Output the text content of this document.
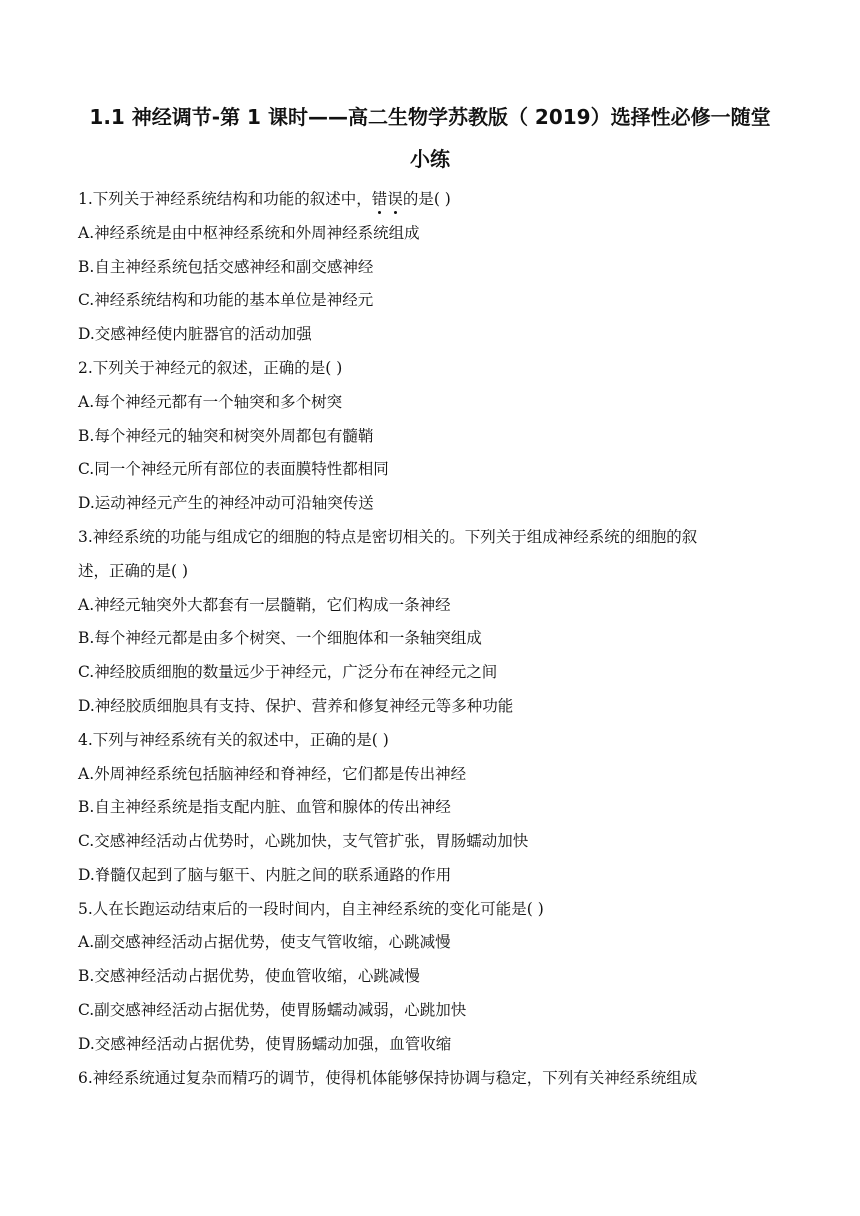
1.1 神经调节-第 1 课时——高二生物学苏教版（ 2019）选择性必修一随堂
小练
1.下列关于神经系统结构和功能的叙述中，错误的是( )
A.神经系统是由中枢神经系统和外周神经系统组成
B.自主神经系统包括交感神经和副交感神经
C.神经系统结构和功能的基本单位是神经元
D.交感神经使内脏器官的活动加强
2.下列关于神经元的叙述，正确的是( )
A.每个神经元都有一个轴突和多个树突
B.每个神经元的轴突和树突外周都包有髓鞘
C.同一个神经元所有部位的表面膜特性都相同
D.运动神经元产生的神经冲动可沿轴突传送
3.神经系统的功能与组成它的细胞的特点是密切相关的。下列关于组成神经系统的细胞的叙
述，正确的是( )
A.神经元轴突外大都套有一层髓鞘，它们构成一条神经
B.每个神经元都是由多个树突、一个细胞体和一条轴突组成
C.神经胶质细胞的数量远少于神经元，广泛分布在神经元之间
D.神经胶质细胞具有支持、保护、营养和修复神经元等多种功能
4.下列与神经系统有关的叙述中，正确的是( )
A.外周神经系统包括脑神经和脊神经，它们都是传出神经
B.自主神经系统是指支配内脏、血管和腺体的传出神经
C.交感神经活动占优势时，心跳加快，支气管扩张，胃肠蠕动加快
D.脊髓仅起到了脑与躯干、内脏之间的联系通路的作用
5.人在长跑运动结束后的一段时间内，自主神经系统的变化可能是( )
A.副交感神经活动占据优势，使支气管收缩，心跳减慢
B.交感神经活动占据优势，使血管收缩，心跳减慢
C.副交感神经活动占据优势，使胃肠蠕动减弱，心跳加快
D.交感神经活动占据优势，使胃肠蠕动加强，血管收缩
6.神经系统通过复杂而精巧的调节，使得机体能够保持协调与稳定，下列有关神经系统组成
